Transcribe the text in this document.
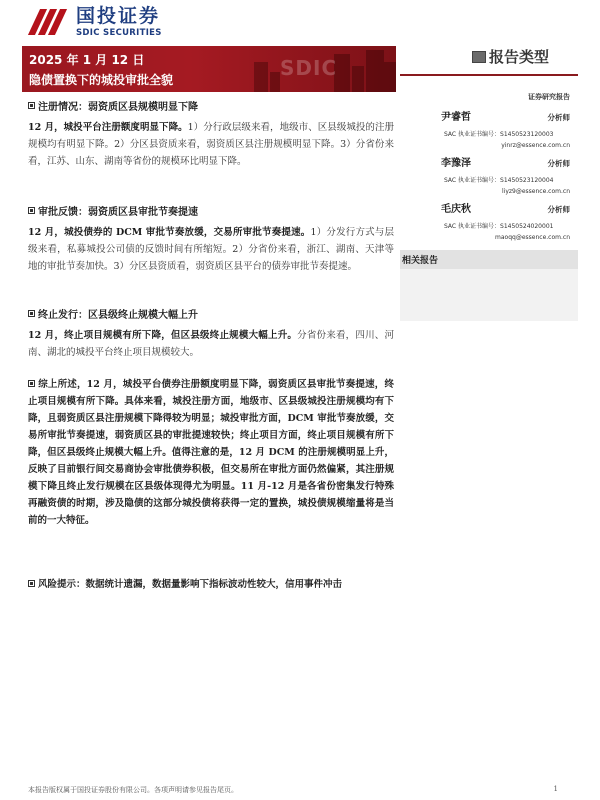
国投证券
SDIC SECURITIES
SDIC
2025 年 1 月 12 日
隐债置换下的城投审批全貌
报告类型
证券研究报告
尹睿哲	分析师
SAC 执业证书编号：S1450523120003
yinrz@essence.com.cn
李豫泽	分析师
SAC 执业证书编号：S1450523120004
liyz9@essence.com.cn
毛庆秋	分析师
SAC 执业证书编号：S1450524020001
maoqq@essence.com.cn
相关报告
注册情况：弱资质区县规模明显下降

12 月，城投平台注册额度明显下降。1）分行政层级来看，地级市、区县级城投的注册规模均有明显下降。2）分区县资质来看，弱资质区县注册规模明显下降。3）分省份来看，江苏、山东、湖南等省份的规模环比明显下降。

审批反馈：弱资质区县审批节奏提速

12 月，城投债券的 DCM 审批节奏放缓，交易所审批节奏提速。1）分发行方式与层级来看，私募城投公司债的反馈时间有所缩短。2）分省份来看，浙江、湖南、天津等地的审批节奏加快。3）分区县资质看，弱资质区县平台的债券审批节奏提速。

终止发行：区县级终止规模大幅上升

12 月，终止项目规模有所下降，但区县级终止规模大幅上升。分省份来看，四川、河南、湖北的城投平台终止项目规模较大。

综上所述，12 月，城投平台债券注册额度明显下降，弱资质区县审批节奏提速，终止项目规模有所下降。具体来看，城投注册方面，地级市、区县级城投注册规模均有下降，且弱资质区县注册规模下降得较为明显；城投审批方面，DCM 审批节奏放缓，交易所审批节奏提速，弱资质区县的审批提速较快；终止项目方面，终止项目规模有所下降，但区县级终止规模大幅上升。值得注意的是，12 月 DCM 的注册规模明显上升，反映了目前银行间交易商协会审批债券积极，但交易所在审批方面仍然偏紧，其注册规模下降且终止发行规模在区县级体现得尤为明显。11 月-12 月是各省份密集发行特殊再融资债的时期，涉及隐债的这部分城投债将获得一定的置换，城投债规模缩量将是当前的一大特征。

风险提示：数据统计遗漏，数据量影响下指标波动性较大，信用事件冲击

本报告版权属于国投证券股份有限公司。各项声明请参见报告尾页。	1
